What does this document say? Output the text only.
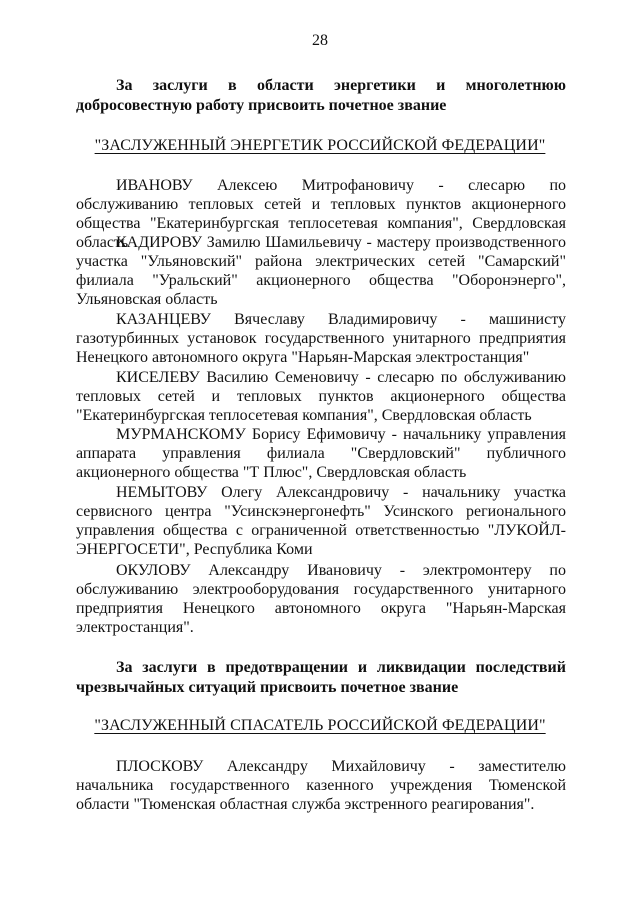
28
За заслуги в области энергетики и многолетнюю
добросовестную работу присвоить почетное звание
"ЗАСЛУЖЕННЫЙ ЭНЕРГЕТИК РОССИЙСКОЙ ФЕДЕРАЦИИ"

ИВАНОВУ Алексею Митрофановичу - слесарю по обслуживанию тепловых сетей и тепловых пунктов акционерного общества "Екатеринбургская теплосетевая компания", Свердловская область

КАДИРОВУ Замилю Шамильевичу - мастеру производственного участка "Ульяновский" района электрических сетей "Самарский" филиала "Уральский" акционерного общества "Оборонэнерго", Ульяновская область

КАЗАНЦЕВУ Вячеславу Владимировичу - машинисту газотурбинных установок государственного унитарного предприятия Ненецкого автономного округа "Нарьян-Марская электростанция"

КИСЕЛЕВУ Василию Семеновичу - слесарю по обслуживанию тепловых сетей и тепловых пунктов акционерного общества "Екатеринбургская теплосетевая компания", Свердловская область

МУРМАНСКОМУ Борису Ефимовичу - начальнику управления аппарата управления филиала "Свердловский" публичного акционерного общества "Т Плюс", Свердловская область

НЕМЫТОВУ Олегу Александровичу - начальнику участка сервисного центра "Усинскэнергонефть" Усинского регионального управления общества с ограниченной ответственностью "ЛУКОЙЛ-ЭНЕРГОСЕТИ", Республика Коми

ОКУЛОВУ Александру Ивановичу - электромонтеру по обслуживанию электрооборудования государственного унитарного предприятия Ненецкого автономного округа "Нарьян-Марская электростанция".

За заслуги в предотвращении и ликвидации последствий
чрезвычайных ситуаций присвоить почетное звание
"ЗАСЛУЖЕННЫЙ СПАСАТЕЛЬ РОССИЙСКОЙ ФЕДЕРАЦИИ"

ПЛОСКОВУ Александру Михайловичу - заместителю начальника государственного казенного учреждения Тюменской области "Тюменская областная служба экстренного реагирования".
